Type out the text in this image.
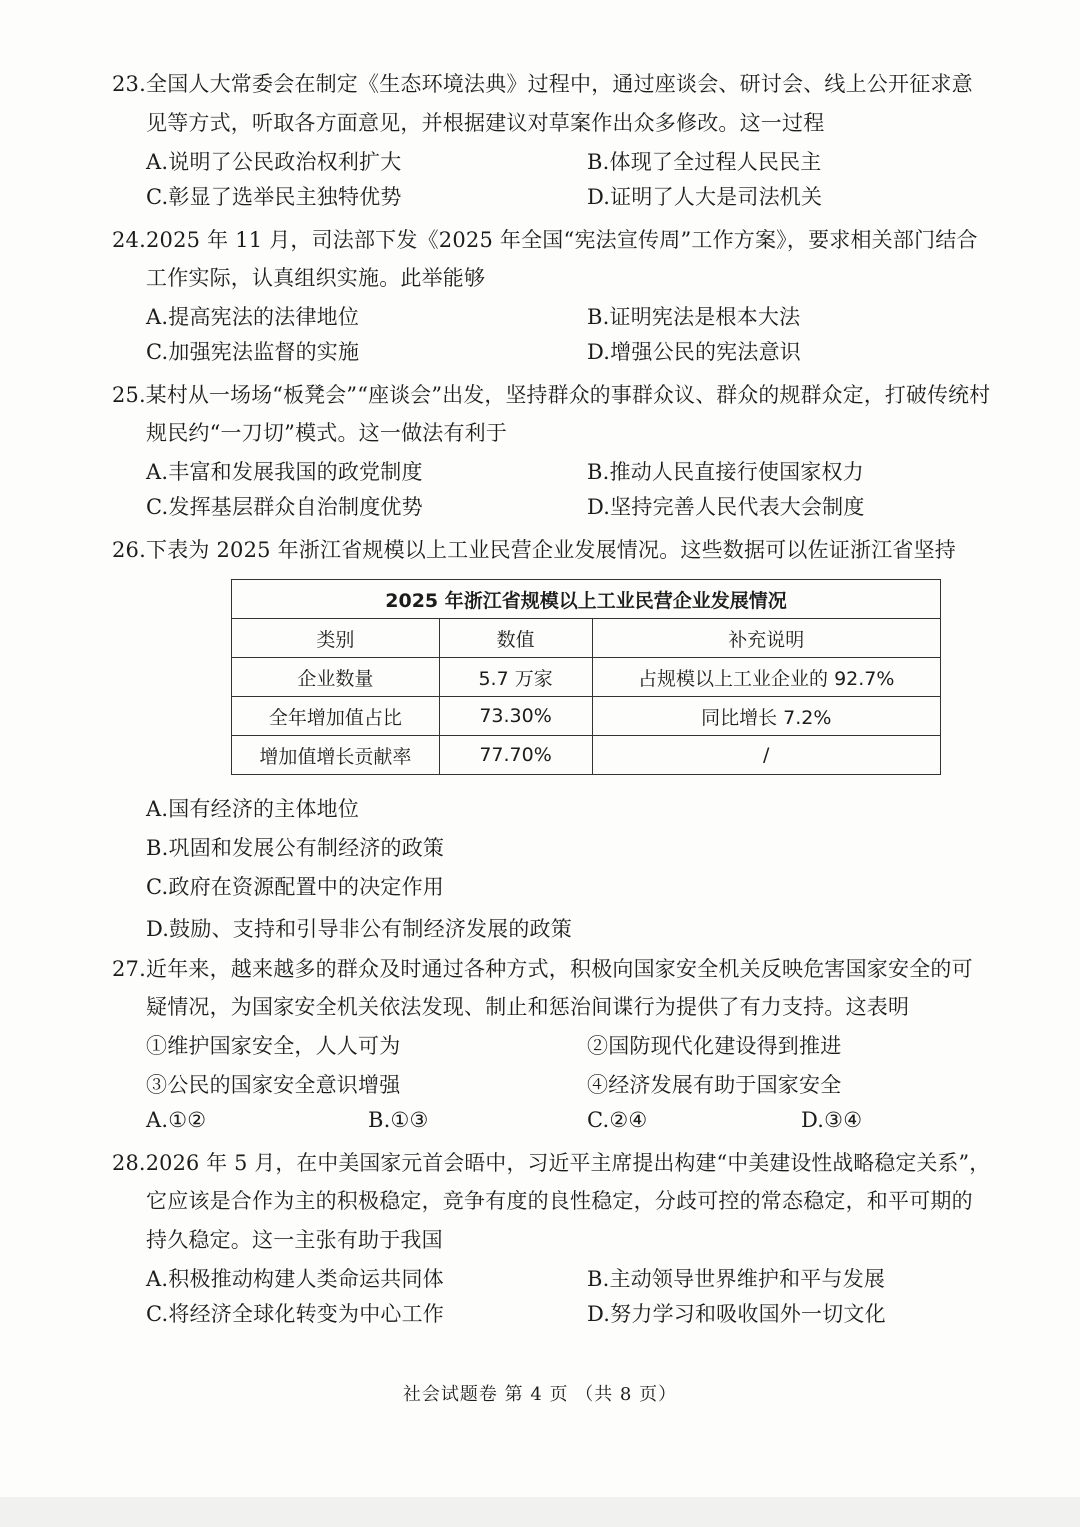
23.全国人大常委会在制定《生态环境法典》过程中，通过座谈会、研讨会、线上公开征求意
见等方式，听取各方面意见，并根据建议对草案作出众多修改。这一过程
A.说明了公民政治权利扩大	B.体现了全过程人民民主
C.彰显了选举民主独特优势	D.证明了人大是司法机关
24.2025 年 11 月，司法部下发《2025 年全国“宪法宣传周”工作方案》，要求相关部门结合
工作实际，认真组织实施。此举能够
A.提高宪法的法律地位	B.证明宪法是根本大法
C.加强宪法监督的实施	D.增强公民的宪法意识
25.某村从一场场“板凳会”“座谈会”出发，坚持群众的事群众议、群众的规群众定，打破传统村
规民约“一刀切”模式。这一做法有利于
A.丰富和发展我国的政党制度	B.推动人民直接行使国家权力
C.发挥基层群众自治制度优势	D.坚持完善人民代表大会制度
26.下表为 2025 年浙江省规模以上工业民营企业发展情况。这些数据可以佐证浙江省坚持
2025 年浙江省规模以上工业民营企业发展情况		
类别	数值	补充说明
企业数量	5.7 万家	占规模以上工业企业的 92.7%
全年增加值占比	73.30%	同比增长 7.2%
增加值增长贡献率	77.70%	/
A.国有经济的主体地位
B.巩固和发展公有制经济的政策
C.政府在资源配置中的决定作用
D.鼓励、支持和引导非公有制经济发展的政策
27.近年来，越来越多的群众及时通过各种方式，积极向国家安全机关反映危害国家安全的可
疑情况，为国家安全机关依法发现、制止和惩治间谍行为提供了有力支持。这表明
①维护国家安全，人人可为	②国防现代化建设得到推进
③公民的国家安全意识增强	④经济发展有助于国家安全
A.①②	B.①③	C.②④	D.③④
28.2026 年 5 月，在中美国家元首会晤中，习近平主席提出构建“中美建设性战略稳定关系”，
它应该是合作为主的积极稳定，竞争有度的良性稳定，分歧可控的常态稳定，和平可期的
持久稳定。这一主张有助于我国
A.积极推动构建人类命运共同体	B.主动领导世界维护和平与发展
C.将经济全球化转变为中心工作	D.努力学习和吸收国外一切文化
社会试题卷 第 4 页 （共 8 页）
